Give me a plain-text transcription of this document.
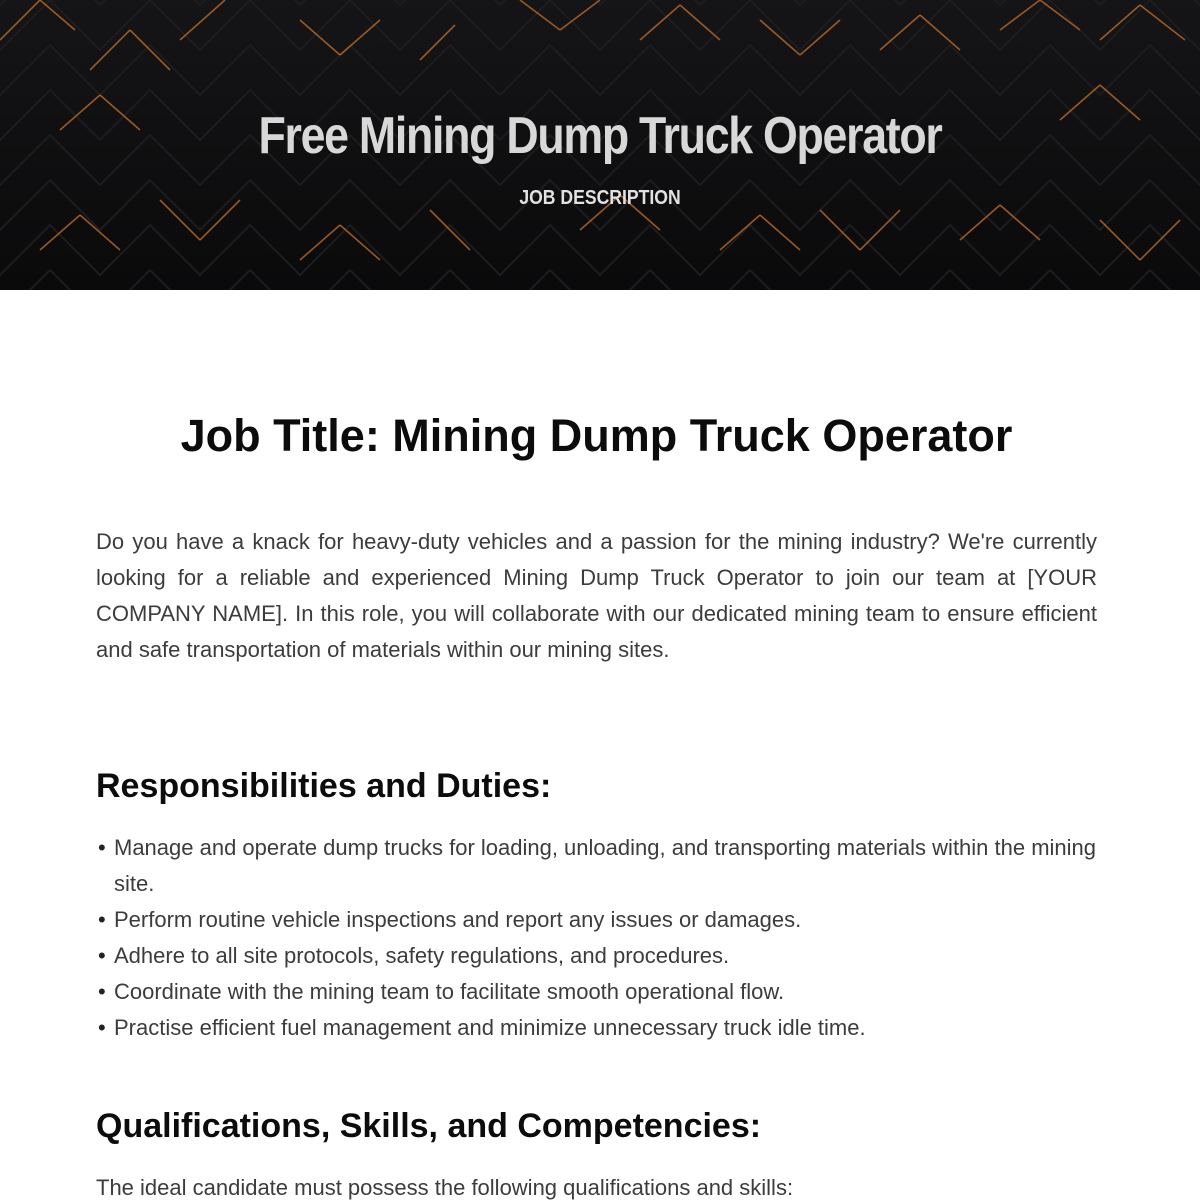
Free Mining Dump Truck Operator
JOB DESCRIPTION
Job Title: Mining Dump Truck Operator

Do you have a knack for heavy-duty vehicles and a passion for the mining industry? We're currently looking for a reliable and experienced Mining Dump Truck Operator to join our team at [YOUR COMPANY NAME]. In this role, you will collaborate with our dedicated mining team to ensure efficient and safe transportation of materials within our mining sites.

Responsibilities and Duties:
• Manage and operate dump trucks for loading, unloading, and transporting materials within the mining site.
• Perform routine vehicle inspections and report any issues or damages.
• Adhere to all site protocols, safety regulations, and procedures.
• Coordinate with the mining team to facilitate smooth operational flow.
• Practise efficient fuel management and minimize unnecessary truck idle time.
Qualifications, Skills, and Competencies:

The ideal candidate must possess the following qualifications and skills:
